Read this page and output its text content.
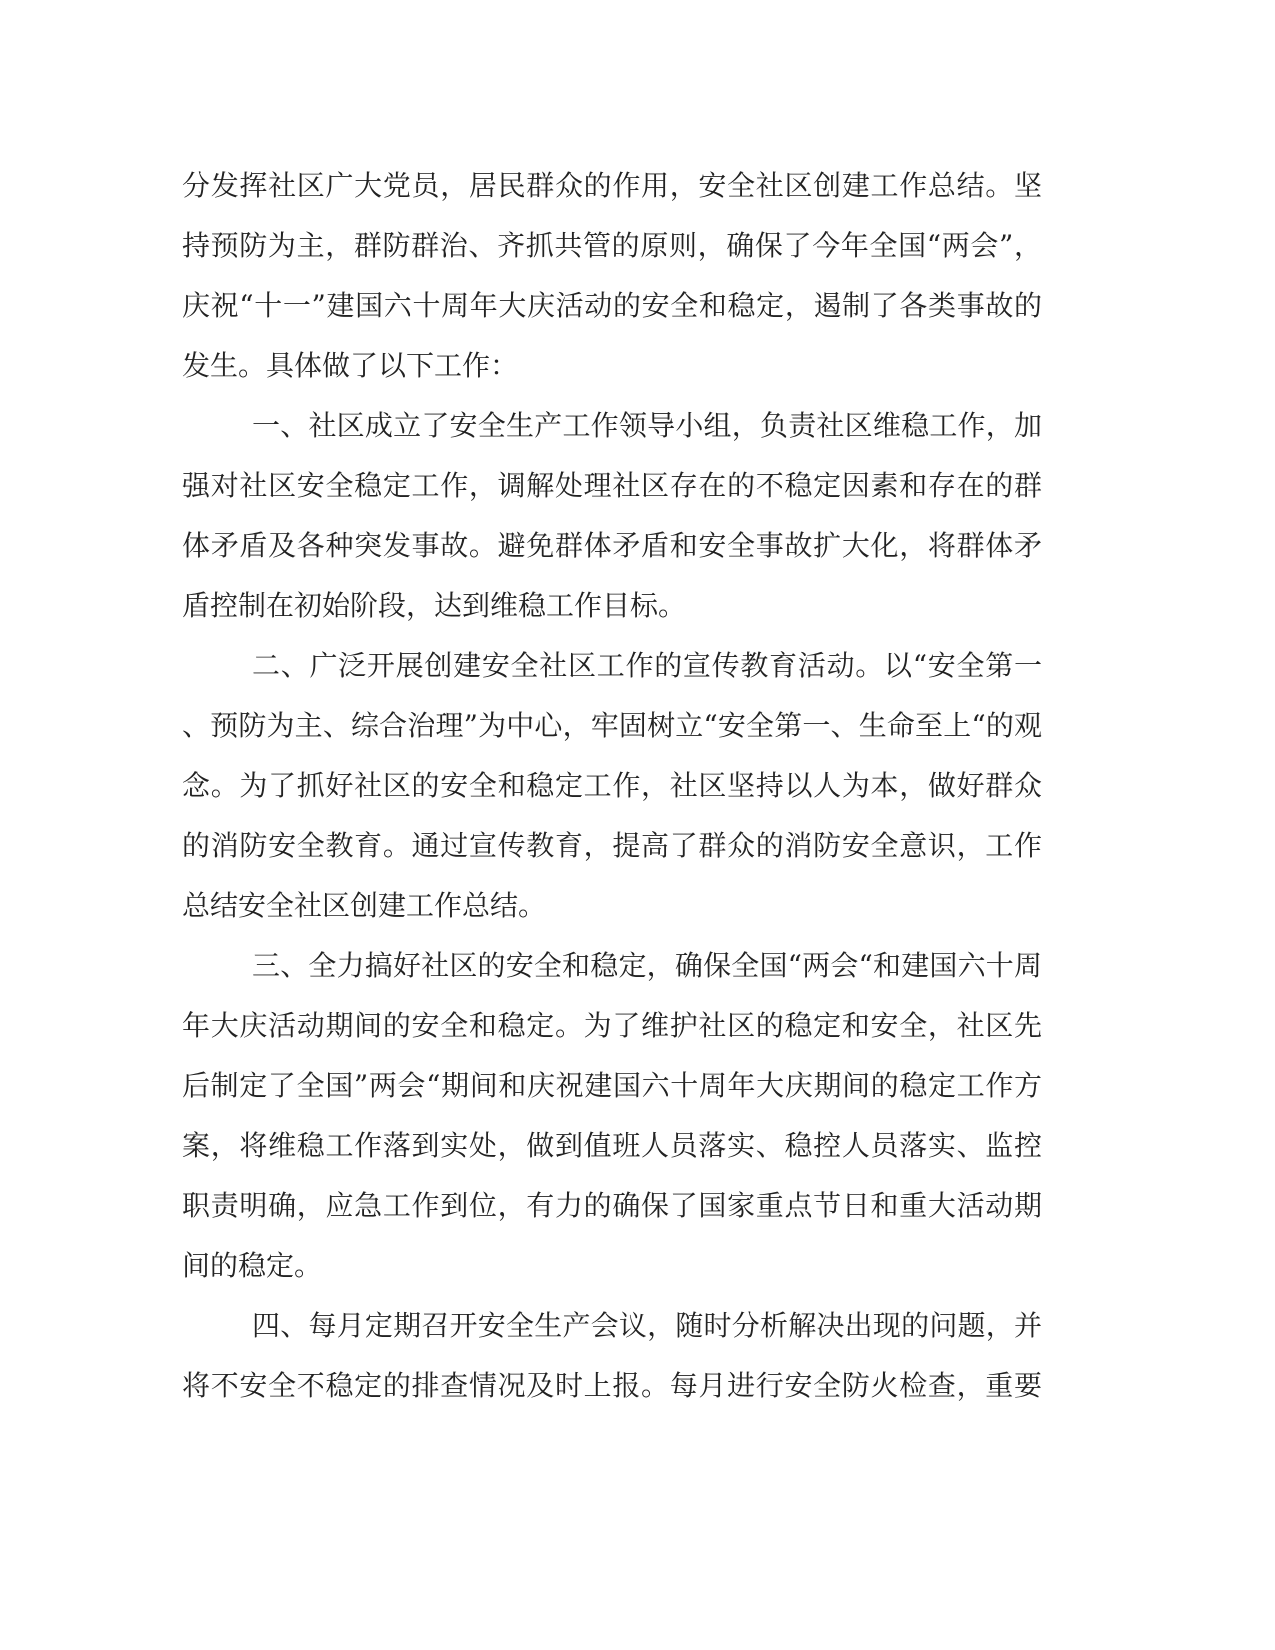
分发挥社区广大党员，居民群众的作用，安全社区创建工作总结。坚
持预防为主，群防群治、齐抓共管的原则，确保了今年全国“两会”，
庆祝“十一”建国六十周年大庆活动的安全和稳定，遏制了各类事故的
发生。具体做了以下工作：
一、社区成立了安全生产工作领导小组，负责社区维稳工作，加
强对社区安全稳定工作，调解处理社区存在的不稳定因素和存在的群
体矛盾及各种突发事故。避免群体矛盾和安全事故扩大化，将群体矛
盾控制在初始阶段，达到维稳工作目标。
二、广泛开展创建安全社区工作的宣传教育活动。以“安全第一
、预防为主、综合治理”为中心，牢固树立“安全第一、生命至上“的观
念。为了抓好社区的安全和稳定工作，社区坚持以人为本，做好群众
的消防安全教育。通过宣传教育，提高了群众的消防安全意识，工作
总结安全社区创建工作总结。
三、全力搞好社区的安全和稳定，确保全国“两会“和建国六十周
年大庆活动期间的安全和稳定。为了维护社区的稳定和安全，社区先
后制定了全国”两会“期间和庆祝建国六十周年大庆期间的稳定工作方
案，将维稳工作落到实处，做到值班人员落实、稳控人员落实、监控
职责明确，应急工作到位，有力的确保了国家重点节日和重大活动期
间的稳定。
四、每月定期召开安全生产会议，随时分析解决出现的问题，并
将不安全不稳定的排查情况及时上报。每月进行安全防火检查，重要
